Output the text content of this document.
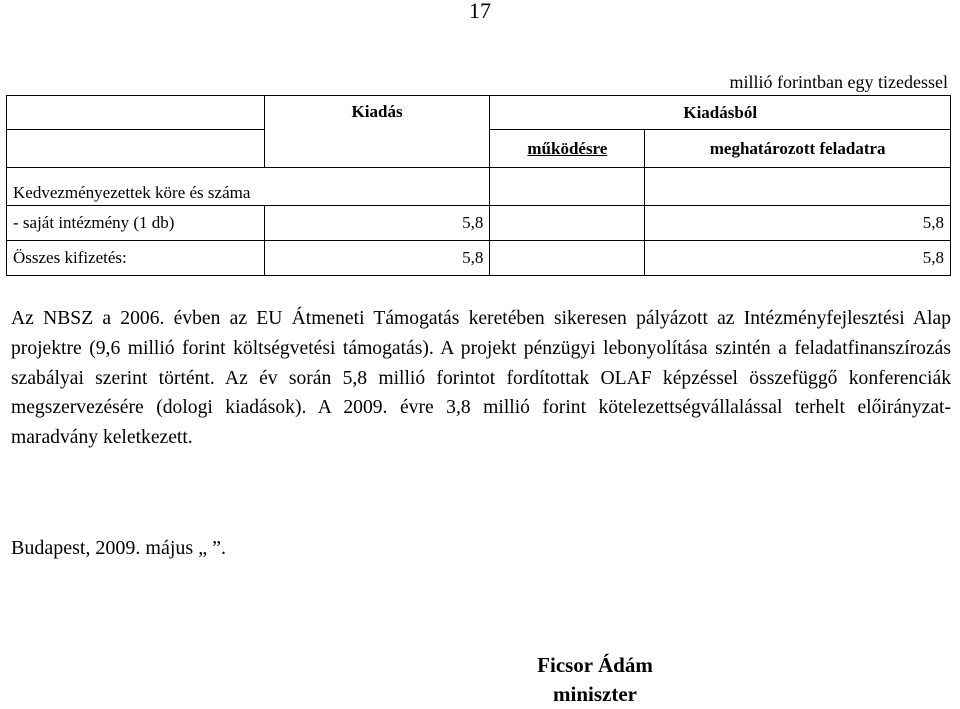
17
millió forintban egy tizedessel
	Kiadás	Kiadásból	
		működésre	meghatározott feladatra
Kedvezményezettek köre és száma			
- saját intézmény (1 db)	5,8		5,8
Összes kifizetés:	5,8		5,8

Az NBSZ a 2006. évben az EU Átmeneti Támogatás keretében sikeresen pályázott az Intézményfejlesztési Alap projektre (9,6 millió forint költségvetési támogatás). A projekt pénzügyi lebonyolítása szintén a feladatfinanszírozás szabályai szerint történt. Az év során 5,8 millió forintot fordítottak OLAF képzéssel összefüggő konferenciák megszervezésére (dologi kiadások). A 2009. évre 3,8 millió forint kötelezettségvállalással terhelt előirányzat-maradvány keletkezett.

Budapest, 2009. május „ ”.
Ficsor Ádám
miniszter
